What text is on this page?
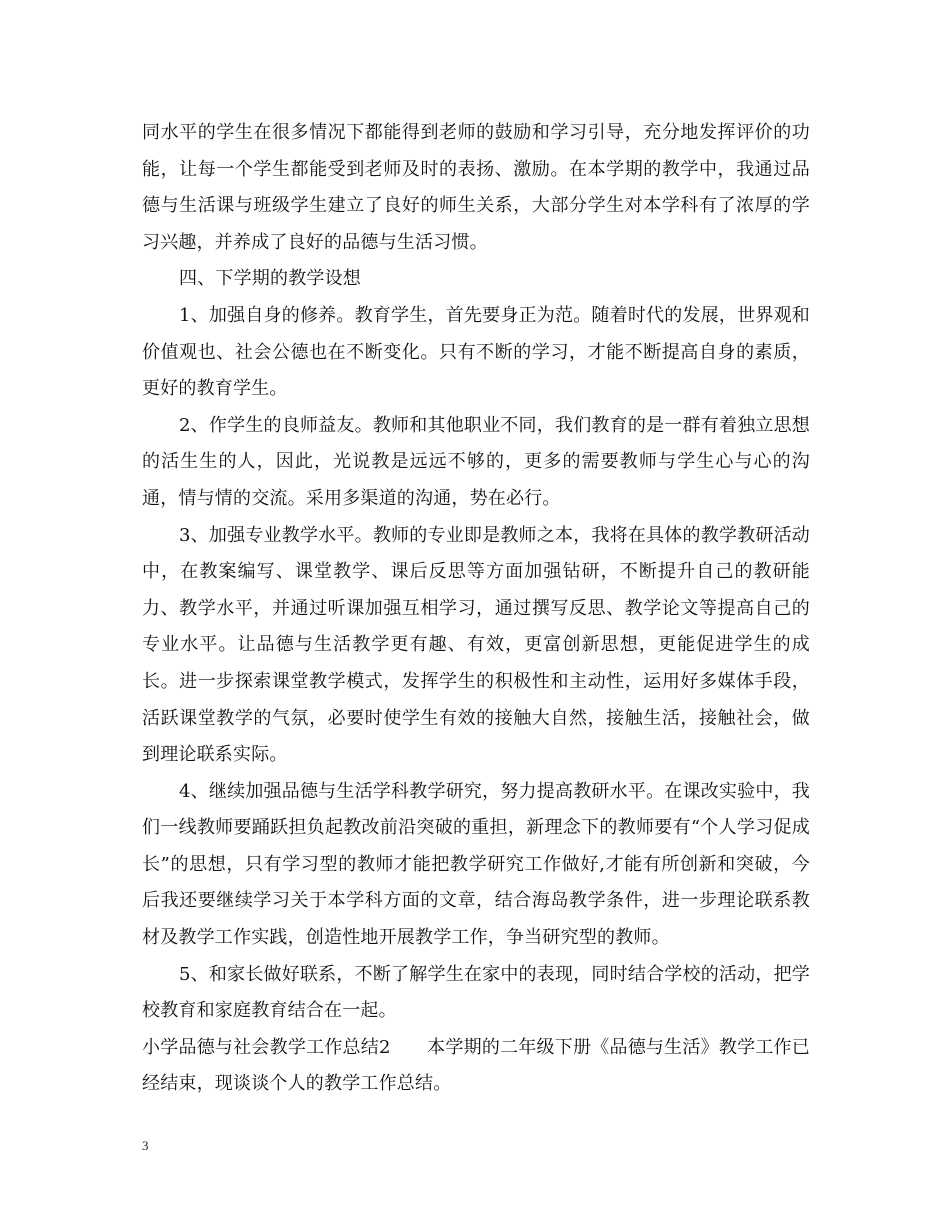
同水平的学生在很多情况下都能得到老师的鼓励和学习引导，充分地发挥评价的功能，让每一个学生都能受到老师及时的表扬、激励。在本学期的教学中，我通过品德与生活课与班级学生建立了良好的师生关系，大部分学生对本学科有了浓厚的学习兴趣，并养成了良好的品德与生活习惯。

四、下学期的教学设想

1、加强自身的修养。教育学生，首先要身正为范。随着时代的发展，世界观和价值观也、社会公德也在不断变化。只有不断的学习，才能不断提高自身的素质，更好的教育学生。

2、作学生的良师益友。教师和其他职业不同，我们教育的是一群有着独立思想的活生生的人，因此，光说教是远远不够的，更多的需要教师与学生心与心的沟通，情与情的交流。采用多渠道的沟通，势在必行。

3、加强专业教学水平。教师的专业即是教师之本，我将在具体的教学教研活动中，在教案编写、课堂教学、课后反思等方面加强钻研，不断提升自己的教研能力、教学水平，并通过听课加强互相学习，通过撰写反思、教学论文等提高自己的专业水平。让品德与生活教学更有趣、有效，更富创新思想，更能促进学生的成长。进一步探索课堂教学模式，发挥学生的积极性和主动性，运用好多媒体手段，活跃课堂教学的气氛，必要时使学生有效的接触大自然，接触生活，接触社会，做到理论联系实际。

4、继续加强品德与生活学科教学研究，努力提高教研水平。在课改实验中，我们一线教师要踊跃担负起教改前沿突破的重担，新理念下的教师要有“个人学习促成长”的思想，只有学习型的教师才能把教学研究工作做好,才能有所创新和突破，今后我还要继续学习关于本学科方面的文章，结合海岛教学条件，进一步理论联系教材及教学工作实践，创造性地开展教学工作，争当研究型的教师。

5、和家长做好联系，不断了解学生在家中的表现，同时结合学校的活动，把学校教育和家庭教育结合在一起。

小学品德与社会教学工作总结2　　本学期的二年级下册《品德与生活》教学工作已经结束，现谈谈个人的教学工作总结。

3
